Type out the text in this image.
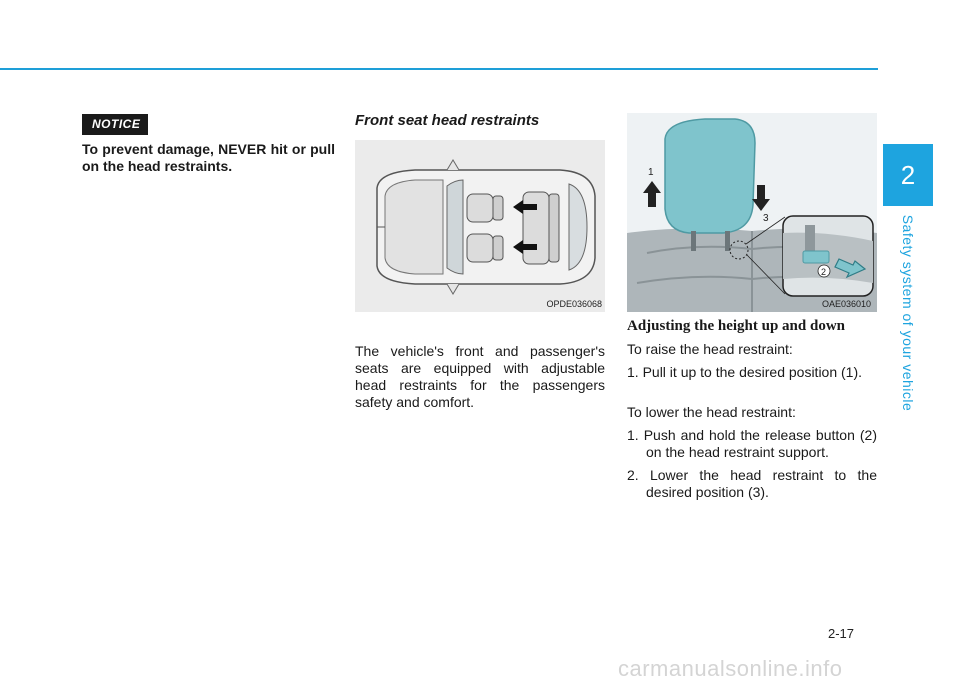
2
Safety system of your vehicle
NOTICE
To prevent damage, NEVER hit or pull on the head restraints.
Front seat head restraints
OPDE036068
The vehicle's front and passenger's seats are equipped with adjustable head restraints for the passengers safety and comfort.
1
3
2
OAE036010
Adjusting the height up and down

To raise the head restraint:

1. Pull it up to the desired position (1).

To lower the head restraint:

1. Push and hold the release button (2) on the head restraint support.

2. Lower the head restraint to the desired position (3).

2-17
carmanualsonline.info
